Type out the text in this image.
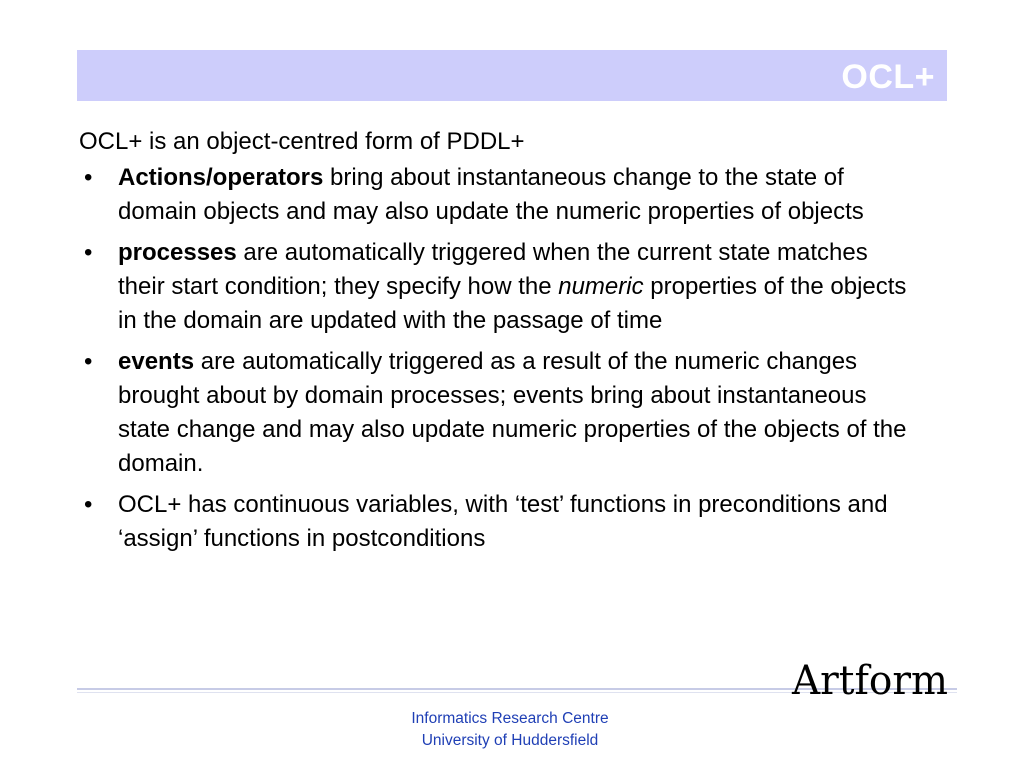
OCL+
OCL+ is an object-centred form of PDDL+
• Actions/operators bring about instantaneous change to the state of domain objects and may also update the numeric properties of objects
• processes are automatically triggered when the current state matches their start condition; they specify how the numeric properties of the objects in the domain are updated with the passage of time
• events are automatically triggered as a result of the numeric changes brought about by domain processes; events bring about instantaneous state change and may also update numeric properties of the objects of the domain.
• OCL+ has continuous variables, with ‘test’ functions in preconditions and ‘assign’ functions in postconditions
Artform
Informatics Research Centre
University of Huddersfield
